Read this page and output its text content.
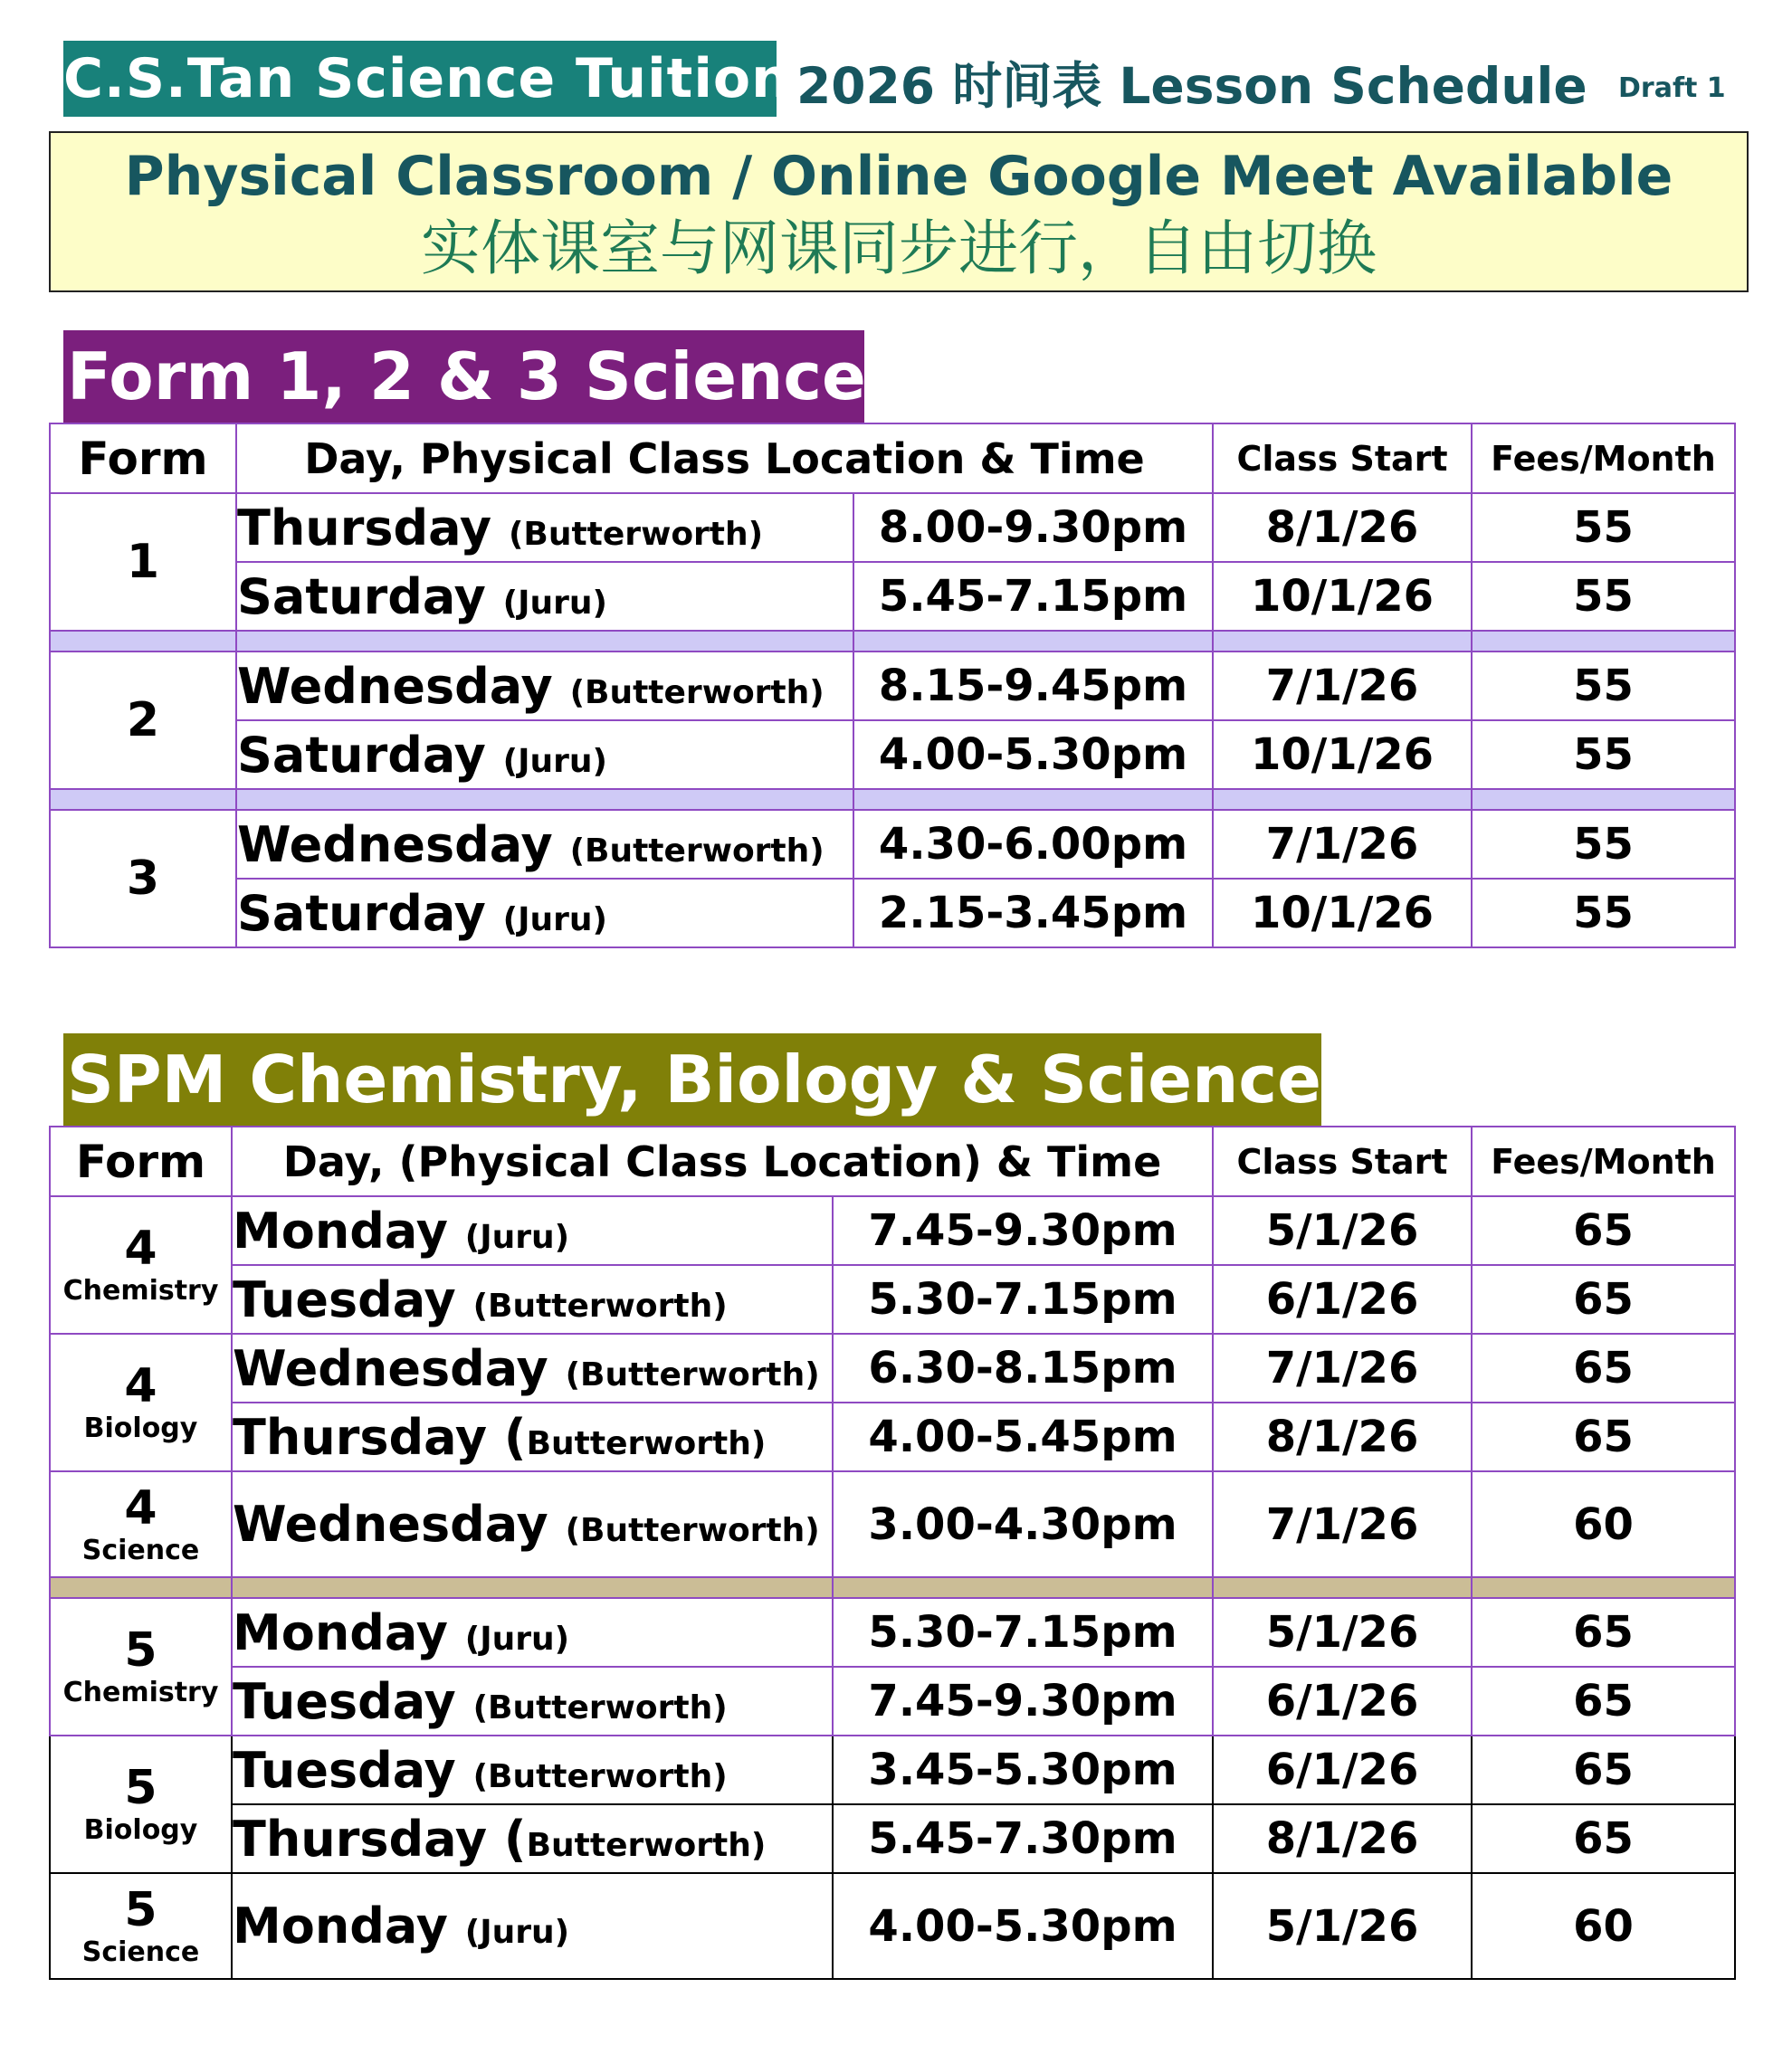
C.S.Tan Science Tuition 2026 时间表 Lesson Schedule Draft 1
Physical Classroom / Online Google Meet Available
实体课室与网课同步进行，自由切换
Form 1, 2 & 3 Science
Form	Day, Physical Class Location & Time		Class Start	Fees/Month
1	Thursday (Butterworth)	8.00-9.30pm	8/1/26	55
	Saturday (Juru)	5.45-7.15pm	10/1/26	55

2	Wednesday (Butterworth)	8.15-9.45pm	7/1/26	55
	Saturday (Juru)	4.00-5.30pm	10/1/26	55

3	Wednesday (Butterworth)	4.30-6.00pm	7/1/26	55
	Saturday (Juru)	2.15-3.45pm	10/1/26	55
SPM Chemistry, Biology & Science
Form	Day, (Physical Class Location) & Time		Class Start	Fees/Month

4
Chemistry	Monday (Juru)	7.45-9.30pm	5/1/26	65
	Tuesday (Butterworth)	5.30-7.15pm	6/1/26	65

4
Biology	Wednesday (Butterworth)	6.30-8.15pm	7/1/26	65
	Thursday (Butterworth)	4.00-5.45pm	8/1/26	65

4
Science	Wednesday (Butterworth)	3.00-4.30pm	7/1/26	60

5
Chemistry	Monday (Juru)	5.30-7.15pm	5/1/26	65
	Tuesday (Butterworth)	7.45-9.30pm	6/1/26	65

5
Biology	Tuesday (Butterworth)	3.45-5.30pm	6/1/26	65
	Thursday (Butterworth)	5.45-7.30pm	8/1/26	65

5
Science	Monday (Juru)	4.00-5.30pm	5/1/26	60
